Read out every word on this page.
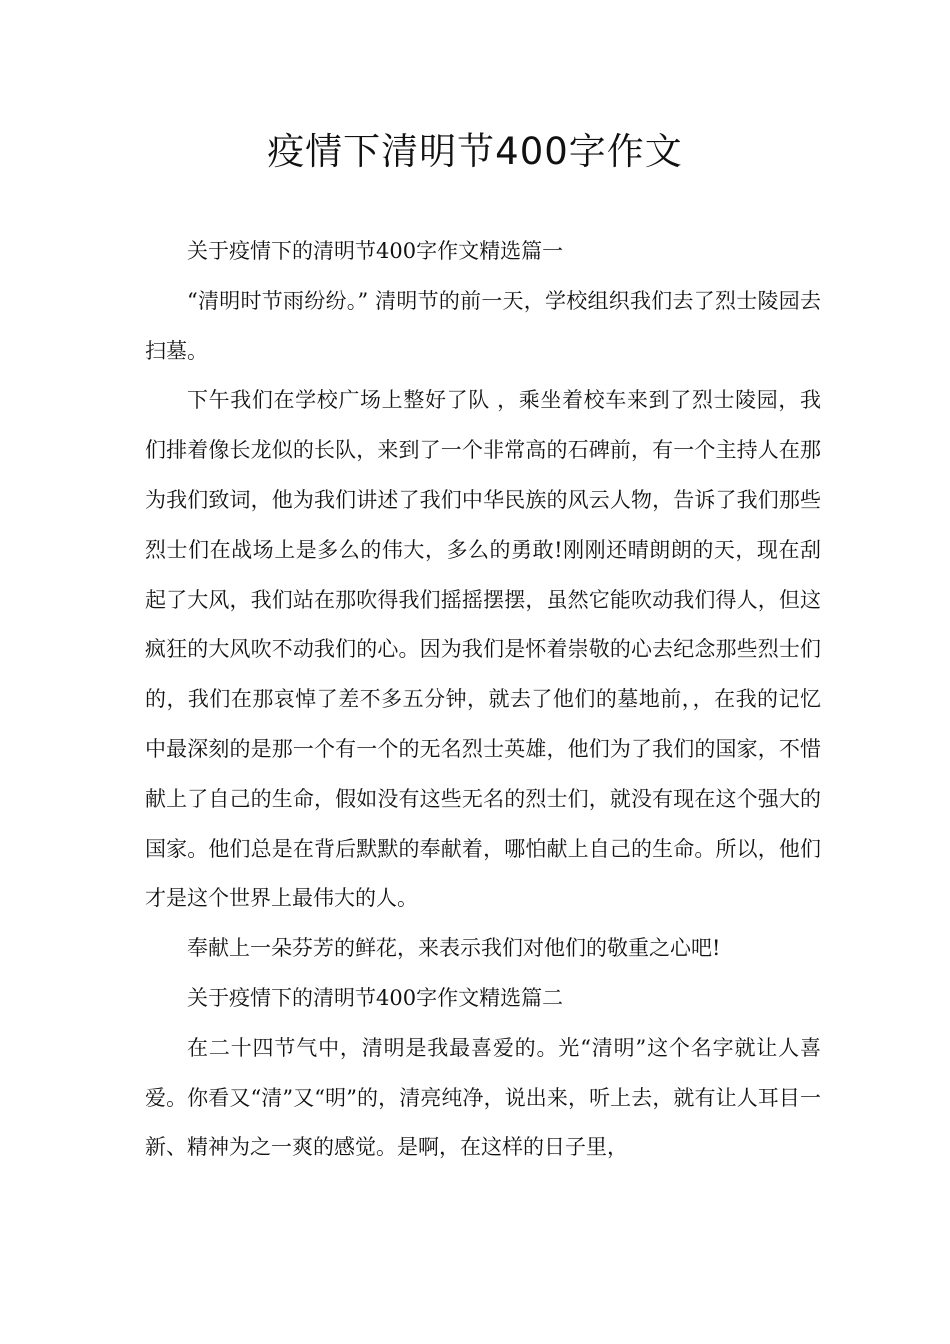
疫情下清明节400字作文

关于疫情下的清明节400字作文精选篇一

“清明时节雨纷纷。” 清明节的前一天，学校组织我们去了烈士陵园去扫墓。

下午我们在学校广场上整好了队 ，乘坐着校车来到了烈士陵园，我们排着像长龙似的长队，来到了一个非常高的石碑前，有一个主持人在那为我们致词，他为我们讲述了我们中华民族的风云人物，告诉了我们那些烈士们在战场上是多么的伟大，多么的勇敢!刚刚还晴朗朗的天，现在刮起了大风，我们站在那吹得我们摇摇摆摆，虽然它能吹动我们得人，但这疯狂的大风吹不动我们的心。因为我们是怀着崇敬的心去纪念那些烈士们的，我们在那哀悼了差不多五分钟，就去了他们的墓地前，，在我的记忆中最深刻的是那一个有一个的无名烈士英雄，他们为了我们的国家，不惜献上了自己的生命，假如没有这些无名的烈士们，就没有现在这个强大的国家。他们总是在背后默默的奉献着，哪怕献上自己的生命。所以，他们才是这个世界上最伟大的人。

奉献上一朵芬芳的鲜花，来表示我们对他们的敬重之心吧!

关于疫情下的清明节400字作文精选篇二

在二十四节气中，清明是我最喜爱的。光“清明”这个名字就让人喜爱。你看又“清”又“明”的，清亮纯净，说出来，听上去，就有让人耳目一新、精神为之一爽的感觉。是啊，在这样的日子里，
